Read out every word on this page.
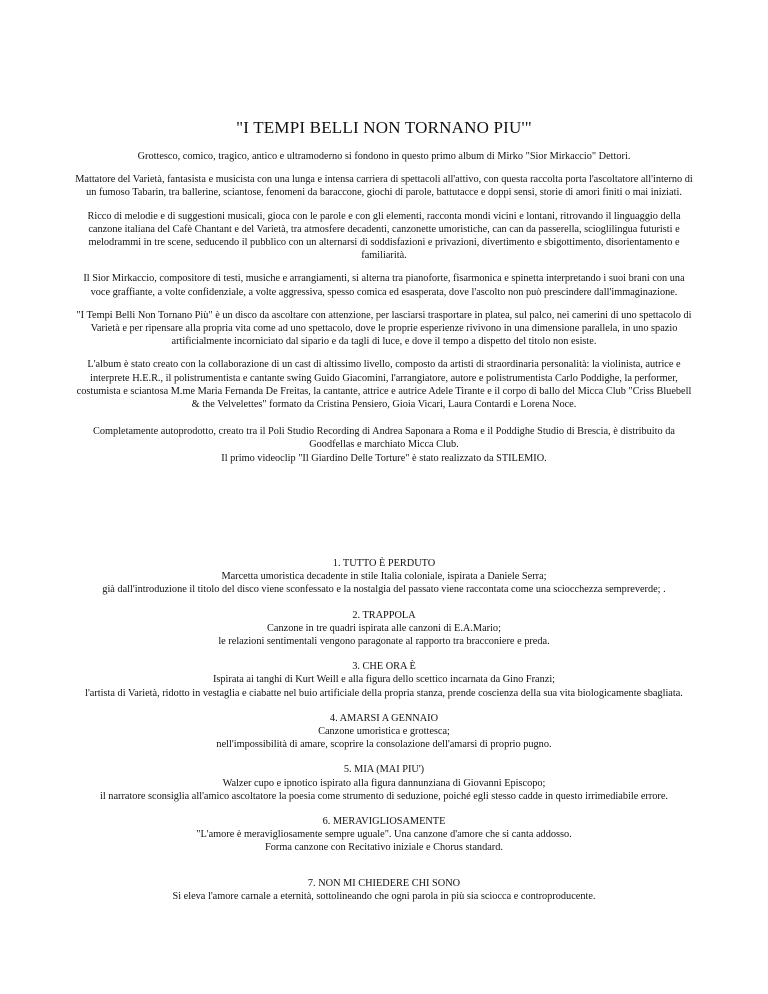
"I TEMPI BELLI NON TORNANO PIU'"

Grottesco, comico, tragico, antico e ultramoderno si fondono in questo primo album di Mirko "Sior Mirkaccio" Dettori.

Mattatore del Varietà, fantasista e musicista con una lunga e intensa carriera di spettacoli all'attivo, con questa raccolta porta l'ascoltatore all'interno di un fumoso Tabarin, tra ballerine, sciantose, fenomeni da baraccone, giochi di parole, battutacce e doppi sensi, storie di amori finiti o mai iniziati.

Ricco di melodie e di suggestioni musicali, gioca con le parole e con gli elementi, racconta mondi vicini e lontani, ritrovando il linguaggio della canzone italiana del Cafè Chantant e del Varietà, tra atmosfere decadenti, canzonette umoristiche, can can da passerella, scioglilingua futuristi e melodrammi in tre scene, seducendo il pubblico con un alternarsi di soddisfazioni e privazioni, divertimento e sbigottimento, disorientamento e familiarità.

Il Sior Mirkaccio, compositore di testi, musiche e arrangiamenti, si alterna tra pianoforte, fisarmonica e spinetta interpretando i suoi brani con una voce graffiante, a volte confidenziale, a volte aggressiva, spesso comica ed esasperata, dove l'ascolto non può prescindere dall'immaginazione.

"I Tempi Belli Non Tornano Più" è un disco da ascoltare con attenzione, per lasciarsi trasportare in platea, sul palco, nei camerini di uno spettacolo di Varietà e per ripensare alla propria vita come ad uno spettacolo, dove le proprie esperienze rivivono in una dimensione parallela, in uno spazio artificialmente incorniciato dal sipario e da tagli di luce, e dove il tempo a dispetto del titolo non esiste.

L'album è stato creato con la collaborazione di un cast di altissimo livello, composto da artisti di straordinaria personalità: la violinista, autrice e interprete H.E.R., il polistrumentista e cantante swing Guido Giacomini, l'arrangiatore, autore e polistrumentista Carlo Poddighe, la performer, costumista e sciantosa M.me Maria Fernanda De Freitas, la cantante, attrice e autrice Adele Tirante e il corpo di ballo del Micca Club "Criss Bluebell & the Velvelettes" formato da Cristina Pensiero, Gioia Vicari, Laura Contardi e Lorena Noce.

Completamente autoprodotto, creato tra il Poli Studio Recording di Andrea Saponara a Roma e il Poddighe Studio di Brescia, è distribuito da Goodfellas e marchiato Micca Club.
Il primo videoclip "Il Giardino Delle Torture" è stato realizzato da STILEMIO.

1. TUTTO È PERDUTO
Marcetta umoristica decadente in stile Italia coloniale, ispirata a Daniele Serra;
già dall'introduzione il titolo del disco viene sconfessato e la nostalgia del passato viene raccontata come una sciocchezza sempreverde; .
2. TRAPPOLA
Canzone in tre quadri ispirata alle canzoni di E.A.Mario;
le relazioni sentimentali vengono paragonate al rapporto tra bracconiere e preda.
3. CHE ORA È
Ispirata ai tanghi di Kurt Weill e alla figura dello scettico incarnata da Gino Franzi;
l'artista di Varietà, ridotto in vestaglia e ciabatte nel buio artificiale della propria stanza, prende coscienza della sua vita biologicamente sbagliata.
4. AMARSI A GENNAIO
Canzone umoristica e grottesca;
nell'impossibilità di amare, scoprire la consolazione dell'amarsi di proprio pugno.
5. MIA (MAI PIU')
Walzer cupo e ipnotico ispirato alla figura dannunziana di Giovanni Episcopo;
il narratore sconsiglia all'amico ascoltatore la poesia come strumento di seduzione, poiché egli stesso cadde in questo irrimediabile errore.
6. MERAVIGLIOSAMENTE
"L'amore è meravigliosamente sempre uguale". Una canzone d'amore che si canta addosso.
Forma canzone con Recitativo iniziale e Chorus standard.
7. NON MI CHIEDERE CHI SONO
Si eleva l'amore carnale a eternità, sottolineando che ogni parola in più sia sciocca e controproducente.
